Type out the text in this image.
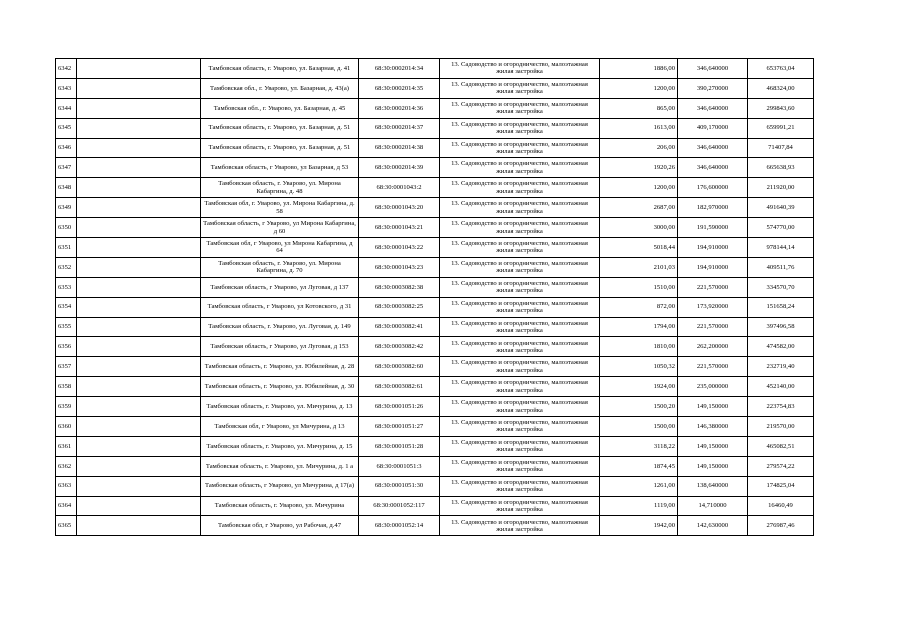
6342		Тамбовская область, г. Уварово, ул. Базарная, д. 41	68:30:0002014:34	13. Садоводство и огородничество, малоэтажная жилая застройка	1886,00	346,640000	653763,04
6343		Тамбовская обл., г. Уварово, ул. Базарная, д. 43(а)	68:30:0002014:35	13. Садоводство и огородничество, малоэтажная жилая застройка	1200,00	390,270000	468324,00
6344		Тамбовская обл., г. Уварово, ул. Базарная, д. 45	68:30:0002014:36	13. Садоводство и огородничество, малоэтажная жилая застройка	865,00	346,640000	299843,60
6345		Тамбовская область, г. Уварово, ул. Базарная, д. 51	68:30:0002014:37	13. Садоводство и огородничество, малоэтажная жилая застройка	1613,00	409,170000	659991,21
6346		Тамбовская область, г. Уварово, ул. Базарная, д. 51	68:30:0002014:38	13. Садоводство и огородничество, малоэтажная жилая застройка	206,00	346,640000	71407,84
6347		Тамбовская область, г Уварово, ул Базарная, д 53	68:30:0002014:39	13. Садоводство и огородничество, малоэтажная жилая застройка	1920,26	346,640000	665638,93
6348		Тамбовская область, г. Уварово, ул. Мирона Кабаргина, д. 48	68:30:0001043:2	13. Садоводство и огородничество, малоэтажная жилая застройка	1200,00	176,600000	211920,00
6349		Тамбовская обл, г. Уварово, ул. Мирона Кабаргина, д. 58	68:30:0001043:20	13. Садоводство и огородничество, малоэтажная жилая застройка	2687,00	182,970000	491640,39
6350		Тамбовская область, г Уварово, ул Мирона Кабаргина, д 60	68:30:0001043:21	13. Садоводство и огородничество, малоэтажная жилая застройка	3000,00	191,590000	574770,00
6351		Тамбовская обл, г Уварово, ул Мирона Кабаргина, д 64	68:30:0001043:22	13. Садоводство и огородничество, малоэтажная жилая застройка	5018,44	194,910000	978144,14
6352		Тамбовская область, г. Уварово, ул. Мирона Кабаргина, д. 70	68:30:0001043:23	13. Садоводство и огородничество, малоэтажная жилая застройка	2101,03	194,910000	409511,76
6353		Тамбовская область, г Уварово, ул Луговая, д 137	68:30:0003082:38	13. Садоводство и огородничество, малоэтажная жилая застройка	1510,00	221,570000	334570,70
6354		Тамбовская область, г Уварово, ул Котовского, д 31	68:30:0003082:25	13. Садоводство и огородничество, малоэтажная жилая застройка	872,00	173,920000	151658,24
6355		Тамбовская область, г. Уварово, ул. Луговая, д. 149	68:30:0003082:41	13. Садоводство и огородничество, малоэтажная жилая застройка	1794,00	221,570000	397496,58
6356		Тамбовская область, г Уварово, ул Луговая, д 153	68:30:0003082:42	13. Садоводство и огородничество, малоэтажная жилая застройка	1810,00	262,200000	474582,00
6357		Тамбовская область, г. Уварово, ул. Юбилейная, д. 28	68:30:0003082:60	13. Садоводство и огородничество, малоэтажная жилая застройка	1050,32	221,570000	232719,40
6358		Тамбовская область, г. Уварово, ул. Юбилейная, д. 30	68:30:0003082:61	13. Садоводство и огородничество, малоэтажная жилая застройка	1924,00	235,000000	452140,00
6359		Тамбовская область, г. Уварово, ул. Мичурина, д. 13	68:30:0001051:26	13. Садоводство и огородничество, малоэтажная жилая застройка	1500,20	149,150000	223754,83
6360		Тамбовская обл, г Уварово, ул Мичурина, д 13	68:30:0001051:27	13. Садоводство и огородничество, малоэтажная жилая застройка	1500,00	146,380000	219570,00
6361		Тамбовская область, г. Уварово, ул. Мичурина, д. 15	68:30:0001051:28	13. Садоводство и огородничество, малоэтажная жилая застройка	3118,22	149,150000	465082,51
6362		Тамбовская область, г. Уварово, ул. Мичурина, д. 1 а	68:30:0001051:3	13. Садоводство и огородничество, малоэтажная жилая застройка	1874,45	149,150000	279574,22
6363		Тамбовская область, г Уварово, ул Мичурина, д 17(а)	68:30:0001051:30	13. Садоводство и огородничество, малоэтажная жилая застройка	1261,00	138,640000	174825,04
6364		Тамбовская область, г. Уварово, ул. Мичурина	68:30:0001052:117	13. Садоводство и огородничество, малоэтажная жилая застройка	1119,00	14,710000	16460,49
6365		Тамбовская обл, г Уварово, ул Рабочая, д.47	68:30:0001052:14	13. Садоводство и огородничество, малоэтажная жилая застройка	1942,00	142,630000	276987,46
